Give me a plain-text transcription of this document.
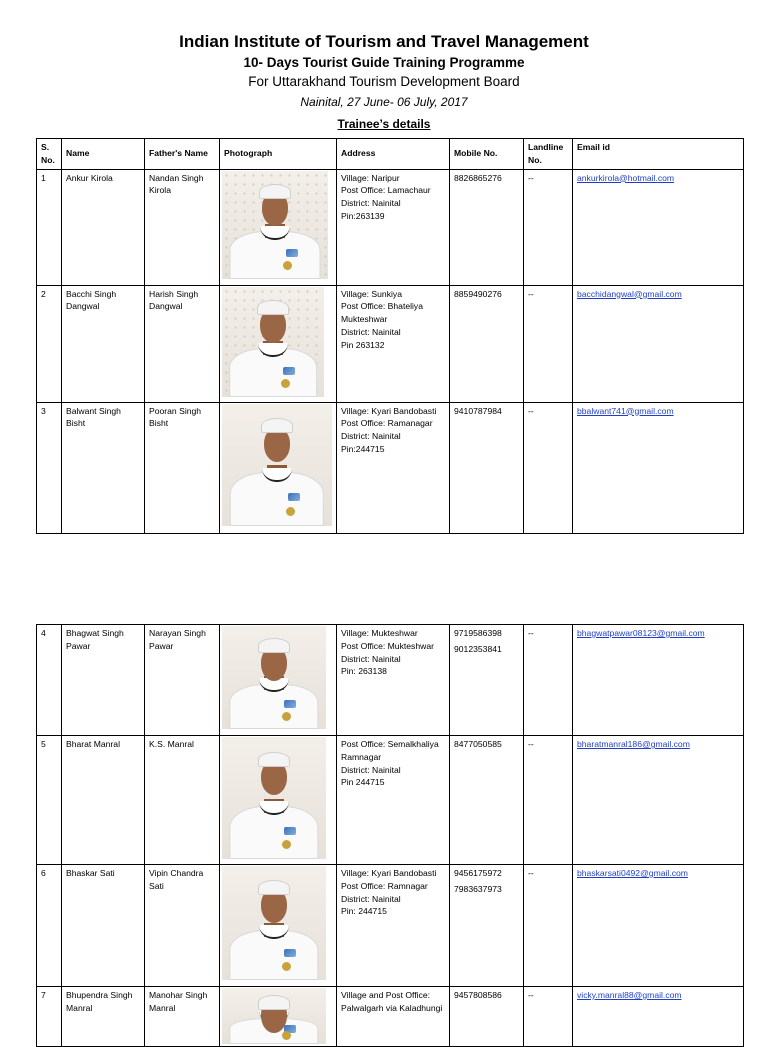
Indian Institute of Tourism and Travel Management
10- Days Tourist Guide Training Programme
For Uttarakhand Tourism Development Board
Nainital, 27 June- 06 July, 2017
Trainee’s details
S.
No.	Name	Father's Name	Photograph	Address	Mobile No.	Landline
No.	Email id
1	Ankur Kirola	Nandan Singh Kirola		Village: Naripur
Post Office: Lamachaur
District: Nainital
Pin:263139	8826865276	--	ankurkirola@hotmail.com
2	Bacchi Singh Dangwal	Harish Singh Dangwal		Village: Sunkiya
Post Office: Bhateliya Mukteshwar
District: Nainital
Pin 263132	8859490276	--	bacchidangwal@gmail.com
3	Balwant Singh Bisht	Pooran Singh Bisht		Village: Kyari Bandobasti
Post Office: Ramanagar
District: Nainital
Pin:244715	9410787984	--	bbalwant741@gmail.com
4	Bhagwat Singh Pawar	Narayan Singh Pawar		Village: Mukteshwar
Post Office: Mukteshwar
District: Nainital
Pin: 263138	9719586398
9012353841	--	bhagwatpawar08123@gmail.com
5	Bharat Manral	K.S. Manral		Post Office: Semalkhaliya Ramnagar
District: Nainital
Pin 244715	8477050585	--	bharatmanral186@gmail.com
6	Bhaskar Sati	Vipin Chandra Sati		Village: Kyari Bandobasti
Post Office: Ramnagar
District: Nainital
Pin: 244715	9456175972
7983637973	--	bhaskarsati0492@gmail.com
7	Bhupendra Singh Manral	Manohar Singh Manral		Village and Post Office: Palwalgarh via Kaladhungi	9457808586	--	vicky.manral88@gmail.com
